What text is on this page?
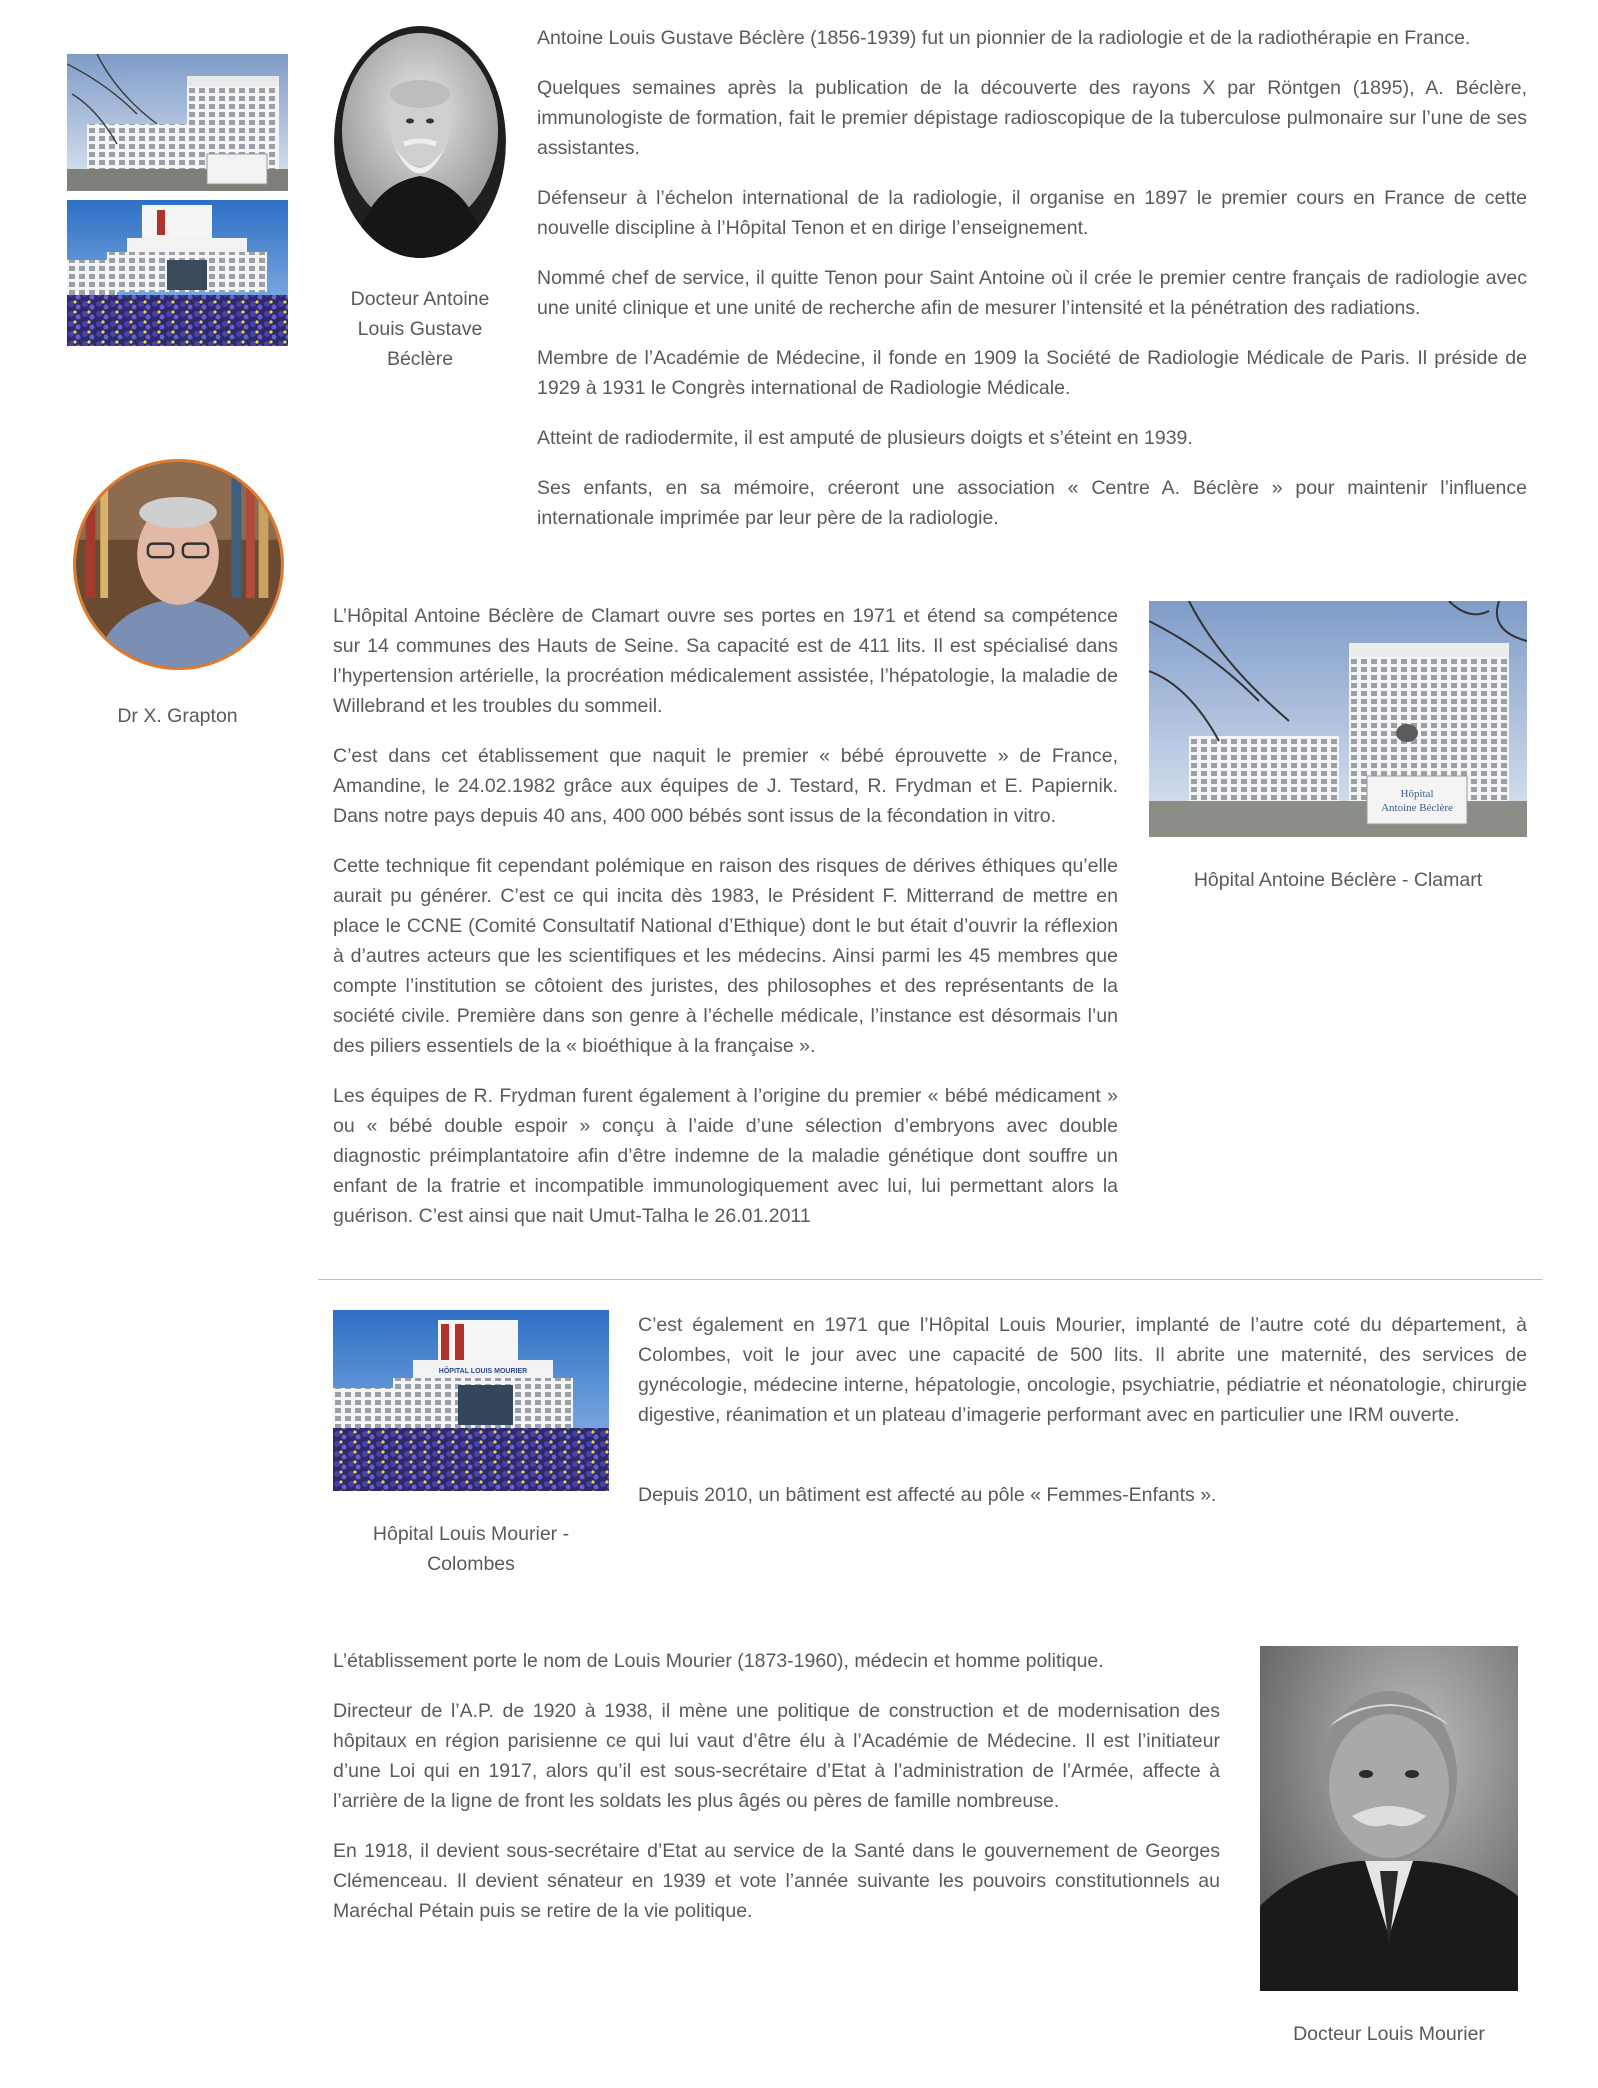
Docteur Antoine Louis Gustave Béclère

Antoine Louis Gustave Béclère (1856-1939) fut un pionnier de la radiologie et de la radiothérapie en France.

Quelques semaines après la publication de la découverte des rayons X par Röntgen (1895), A. Béclère, immunologiste de formation, fait le premier dépistage radioscopique de la tuberculose pulmonaire sur l’une de ses assistantes.

Défenseur à l’échelon international de la radiologie, il organise en 1897 le premier cours en France de cette nouvelle discipline à l’Hôpital Tenon et en dirige l’enseignement.

Nommé chef de service, il quitte Tenon pour Saint Antoine où il crée le premier centre français de radiologie avec une unité clinique et une unité de recherche afin de mesurer l’intensité et la pénétration des radiations.

Membre de l’Académie de Médecine, il fonde en 1909 la Société de Radiologie Médicale de Paris. Il préside de 1929 à 1931 le Congrès international de Radiologie Médicale.

Atteint de radiodermite, il est amputé de plusieurs doigts et s’éteint en 1939.

Ses enfants, en sa mémoire, créeront une association « Centre A. Béclère » pour maintenir l’influence internationale imprimée par leur père de la radiologie.

Dr X. Grapton

L’Hôpital Antoine Béclère de Clamart ouvre ses portes en 1971 et étend sa compétence sur 14 communes des Hauts de Seine. Sa capacité est de 411 lits. Il est spécialisé dans l’hypertension artérielle, la procréation médicalement assistée, l’hépatologie, la maladie de Willebrand et les troubles du sommeil.

C’est dans cet établissement que naquit le premier « bébé éprouvette » de France, Amandine, le 24.02.1982 grâce aux équipes de J. Testard, R. Frydman et E. Papiernik. Dans notre pays depuis 40 ans, 400 000 bébés sont issus de la fécondation in vitro.

Cette technique fit cependant polémique en raison des risques de dérives éthiques qu’elle aurait pu générer. C’est ce qui incita dès 1983, le Président F. Mitterrand de mettre en place le CCNE (Comité Consultatif National d’Ethique) dont le but était d’ouvrir la réflexion à d’autres acteurs que les scientifiques et les médecins. Ainsi parmi les 45 membres que compte l’institution se côtoient des juristes, des philosophes et des représentants de la société civile. Première dans son genre à l’échelle médicale, l’instance est désormais l’un des piliers essentiels de la « bioéthique à la française ».

Les équipes de R. Frydman furent également à l’origine du premier « bébé médicament » ou « bébé double espoir » conçu à l’aide d’une sélection d’embryons avec double diagnostic préimplantatoire afin d’être indemne de la maladie génétique dont souffre un enfant de la fratrie et incompatible immunologiquement avec lui, lui permettant alors la guérison. C’est ainsi que nait Umut-Talha le 26.01.2011

Hôpital
Antoine Béclère

Hôpital Antoine Béclère - Clamart

HÔPITAL LOUIS MOURIER

Hôpital Louis Mourier - Colombes

C’est également en 1971 que l’Hôpital Louis Mourier, implanté de l’autre coté du département, à Colombes, voit le jour avec une capacité de 500 lits. Il abrite une maternité, des services de gynécologie, médecine interne, hépatologie, oncologie, psychiatrie, pédiatrie et néonatologie, chirurgie digestive, réanimation et un plateau d’imagerie performant avec en particulier une IRM ouverte.

Depuis 2010, un bâtiment est affecté au pôle « Femmes-Enfants ».

L’établissement porte le nom de Louis Mourier (1873-1960), médecin et homme politique.

Directeur de l’A.P. de 1920 à 1938, il mène une politique de construction et de modernisation des hôpitaux en région parisienne ce qui lui vaut d’être élu à l’Académie de Médecine. Il est l’initiateur d’une Loi qui en 1917, alors qu’il est sous-secrétaire d’Etat à l’administration de l’Armée, affecte à l’arrière de la ligne de front les soldats les plus âgés ou pères de famille nombreuse.

En 1918, il devient sous-secrétaire d’Etat au service de la Santé dans le gouvernement de Georges Clémenceau. Il devient sénateur en 1939 et vote l’année suivante les pouvoirs constitutionnels au Maréchal Pétain puis se retire de la vie politique.

Docteur Louis Mourier
